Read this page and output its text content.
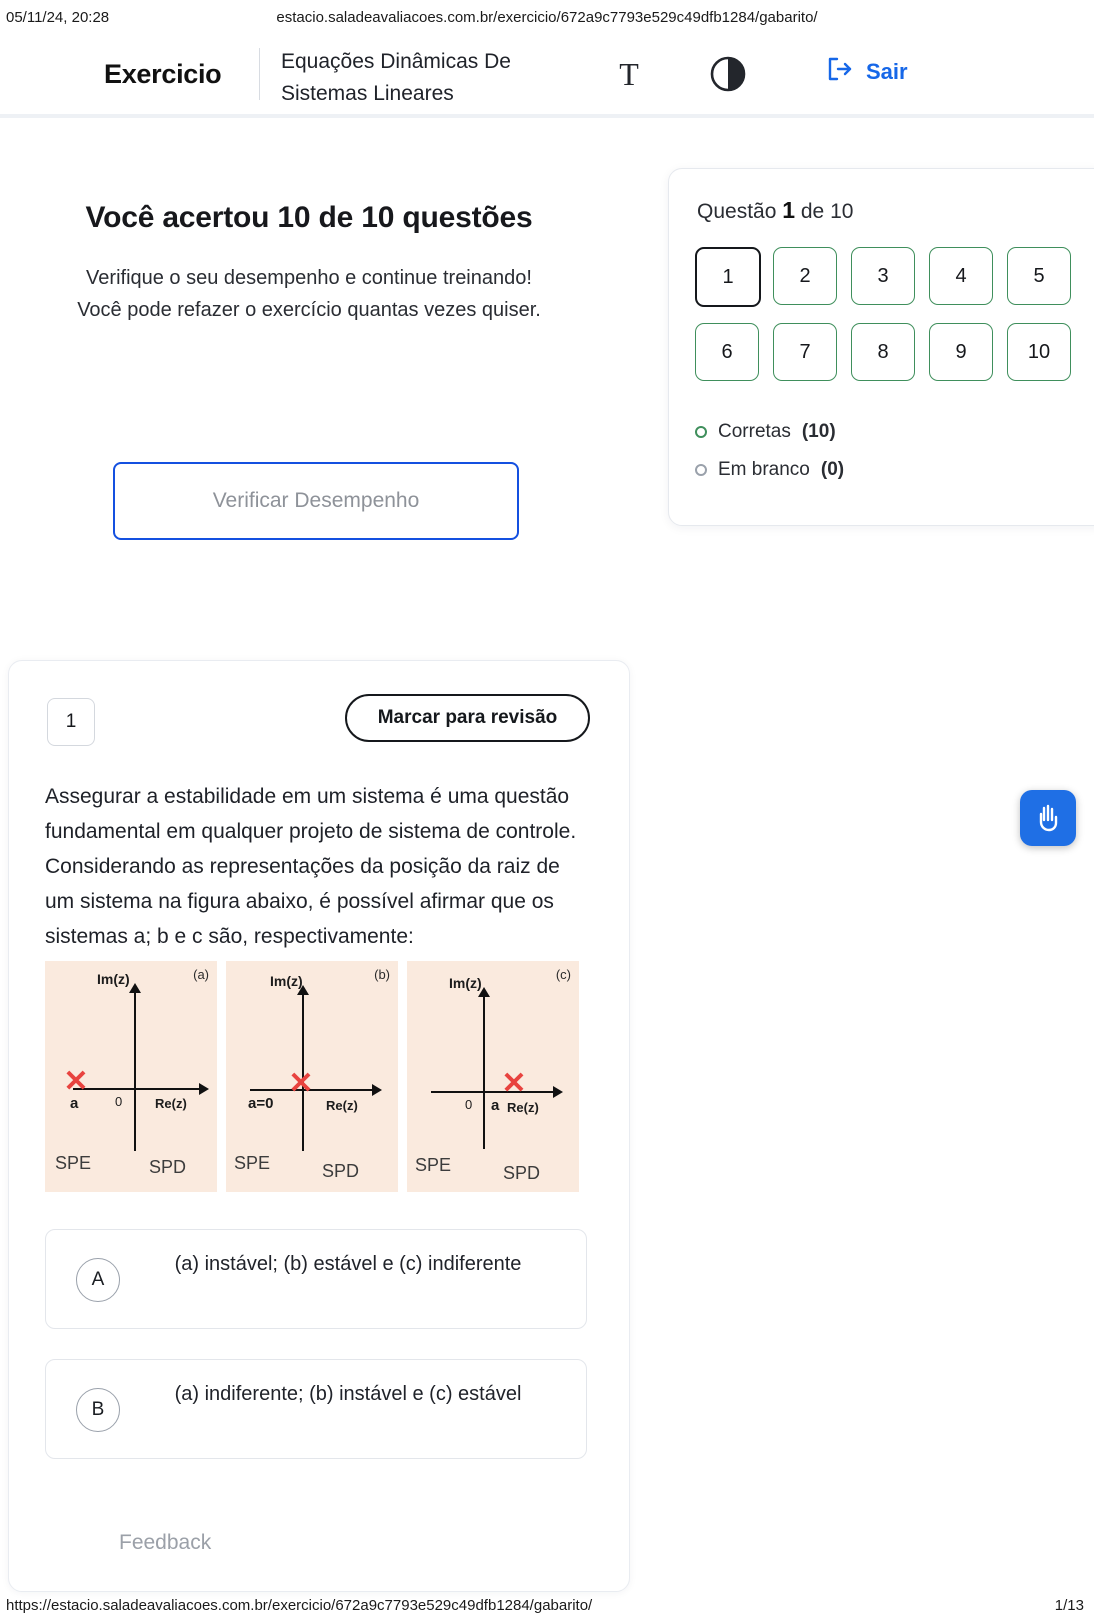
05/11/24, 20:28	estacio.saladeavaliacoes.com.br/exercicio/672a9c7793e529c49dfb1284/gabarito/
Exercicio	Equações Dinâmicas De Sistemas Lineares
T	Sair
Você acertou 10 de 10 questões
Verifique o seu desempenho e continue treinando! Você pode refazer o exercício quantas vezes quiser.
Verificar Desempenho
Questão 1 de 10
1	2	3	4	5
6	7	8	9	10
Corretas (10)
Em branco (0)
1	Marcar para revisão
Assegurar a estabilidade em um sistema é uma questão fundamental em qualquer projeto de sistema de controle. Considerando as representações da posição da raiz de um sistema na figura abaixo, é possível afirmar que os sistemas a; b e c são, respectivamente:
(a)
Im(z)
0	Re(z)
✕
a
SPE	SPD
(b)
Im(z)
Re(z)
✕
a=0
SPE	SPD
(c)
Im(z)
0	Re(z)
✕
a
SPE	SPD
A
(a) instável; (b) estável e (c) indiferente
B
(a) indiferente; (b) instável e (c) estável
Feedback
https://estacio.saladeavaliacoes.com.br/exercicio/672a9c7793e529c49dfb1284/gabarito/	1/13
